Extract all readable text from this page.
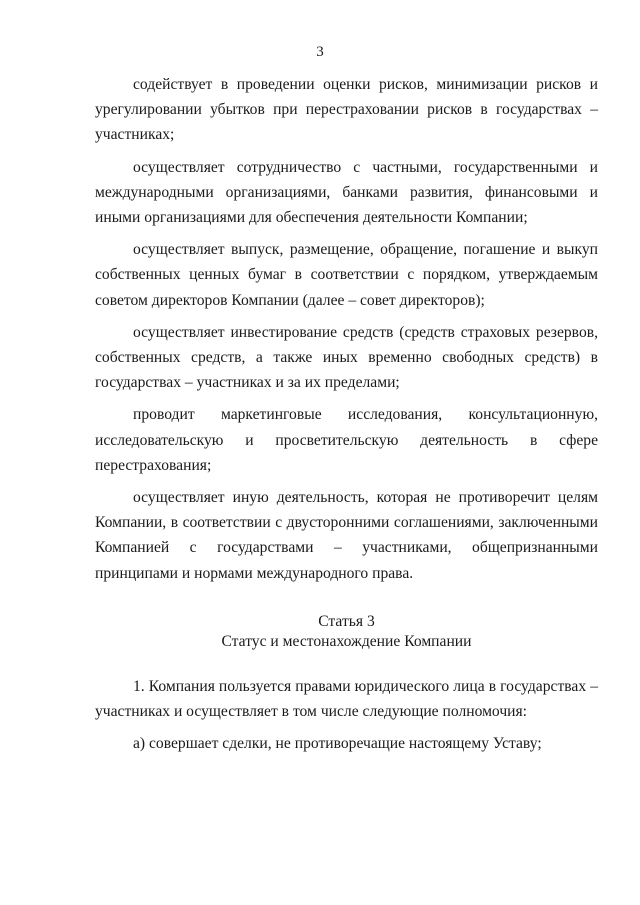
3

содействует в проведении оценки рисков, минимизации рисков и урегулировании убытков при перестраховании рисков в государствах – участниках;

осуществляет сотрудничество с частными, государственными и международными организациями, банками развития, финансовыми и иными организациями для обеспечения деятельности Компании;

осуществляет выпуск, размещение, обращение, погашение и выкуп собственных ценных бумаг в соответствии с порядком, утверждаемым советом директоров Компании (далее – совет директоров);

осуществляет инвестирование средств (средств страховых резервов, собственных средств, а также иных временно свободных средств) в государствах – участниках и за их пределами;

проводит маркетинговые исследования, консультационную, исследовательскую и просветительскую деятельность в сфере перестрахования;

осуществляет иную деятельность, которая не противоречит целям Компании, в соответствии с двусторонними соглашениями, заключенными Компанией с государствами – участниками, общепризнанными принципами и нормами международного права.

Статья 3

Статус и местонахождение Компании

1. Компания пользуется правами юридического лица в государствах – участниках и осуществляет в том числе следующие полномочия:

а) совершает сделки, не противоречащие настоящему Уставу;
